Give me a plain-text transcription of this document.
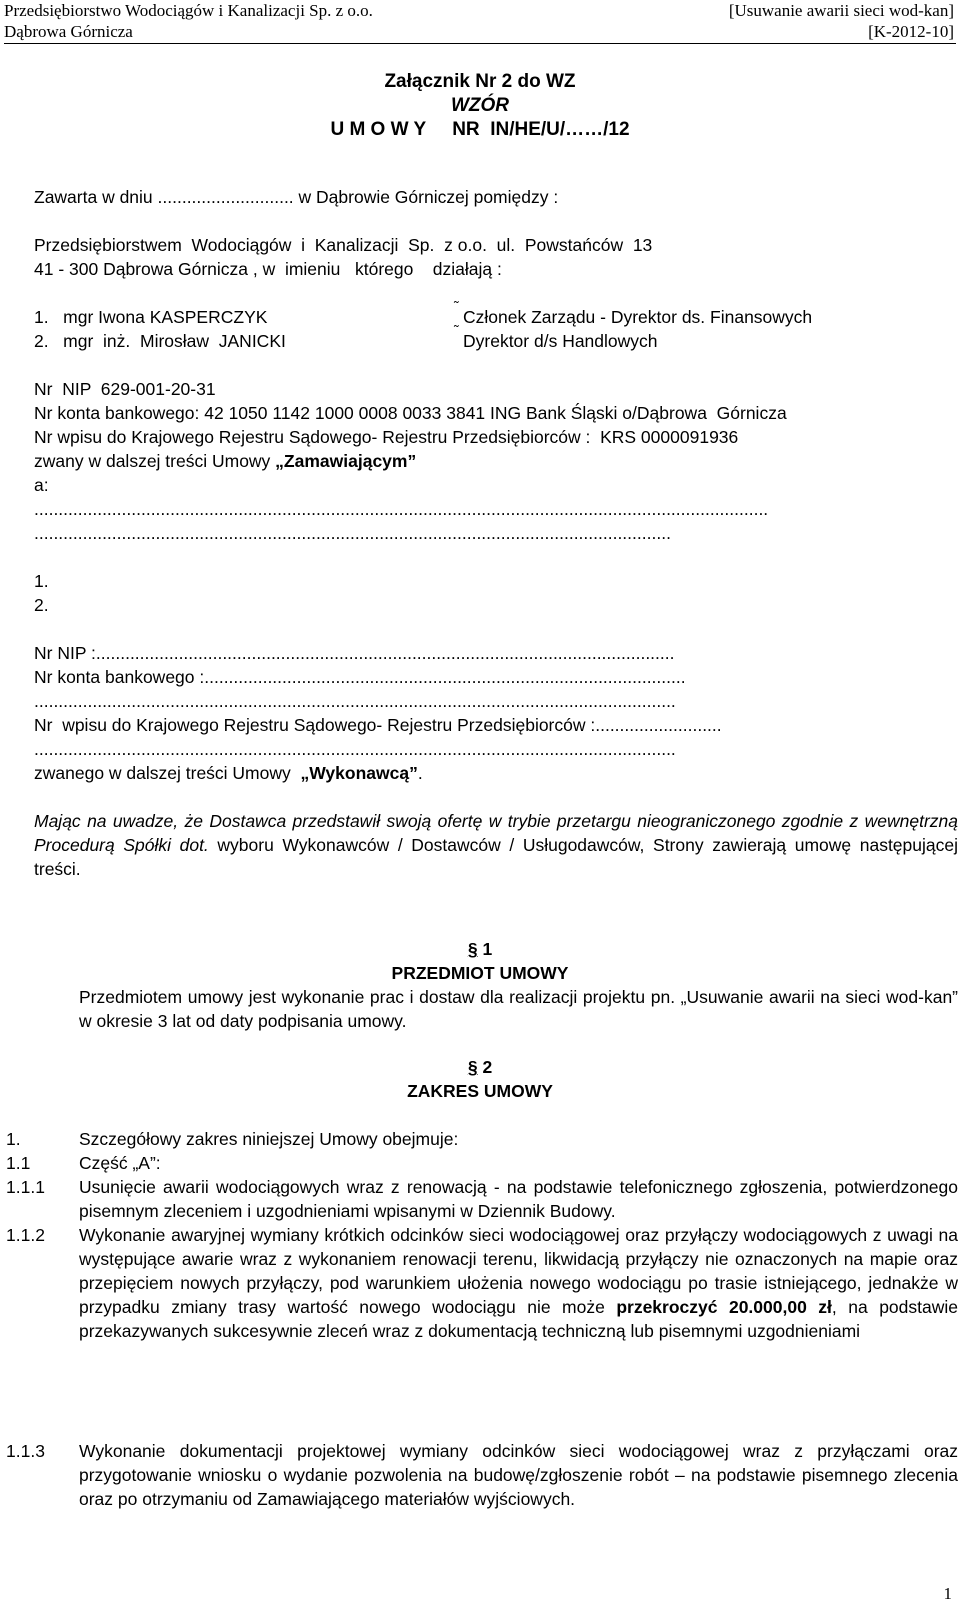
Przedsiębiorstwo Wodociągów i Kanalizacji Sp. z o.o.
Dąbrowa Górnicza
[Usuwanie awarii sieci wod-kan]
[K-2012-10]
Załącznik Nr 2 do WZ
WZÓR
U M O W Y     NR  IN/HE/U/……/12
Zawarta w dniu ............................ w Dąbrowie Górniczej pomiędzy :
Przedsiębiorstwem  Wodociągów  i  Kanalizacji  Sp.  z o.o.  ul.  Powstańców  13
41 - 300 Dąbrowa Górnicza , w  imieniu   którego    działają :
1.   mgr Iwona KASPERCZYK
˜
Członek Zarządu - Dyrektor ds. Finansowych
2.   mgr  inż.  Mirosław  JANICKI
˜
Dyrektor d/s Handlowych
Nr  NIP  629-001-20-31
Nr konta bankowego: 42 1050 1142 1000 0008 0033 3841 ING Bank Śląski o/Dąbrowa  Górnicza
Nr wpisu do Krajowego Rejestru Sądowego- Rejestru Przedsiębiorców :  KRS 0000091936
zwany w dalszej treści Umowy „Zamawiającym”
a:
.......................................................................................................................................................
...................................................................................................................................
1.
2.
Nr NIP :.......................................................................................................................
Nr konta bankowego :...................................................................................................
....................................................................................................................................
Nr  wpisu do Krajowego Rejestru Sądowego- Rejestru Przedsiębiorców :..........................
....................................................................................................................................
zwanego w dalszej treści Umowy  „Wykonawcą”.
Mając na uwadze, że Dostawca przedstawił swoją ofertę w trybie przetargu nieograniczonego zgodnie z wewnętrzną Procedurą Spółki dot. wyboru Wykonawców / Dostawców / Usługodawców, Strony zawierają umowę następującej treści.
§ 1
PRZEDMIOT UMOWY
Przedmiotem umowy jest wykonanie prac i dostaw dla realizacji projektu pn. „Usuwanie awarii na sieci wod-kan” w okresie 3 lat od daty podpisania umowy.
§ 2
ZAKRES UMOWY
1.	Szczegółowy zakres niniejszej Umowy obejmuje:
1.1	Część „A”:
1.1.1 Usunięcie awarii wodociągowych wraz z renowacją - na podstawie telefonicznego zgłoszenia, potwierdzonego pisemnym zleceniem i uzgodnieniami wpisanymi w Dziennik Budowy.
1.1.2 Wykonanie awaryjnej wymiany krótkich odcinków sieci wodociągowej oraz przyłączy wodociągowych z uwagi na występujące awarie wraz z wykonaniem renowacji terenu, likwidacją przyłączy nie oznaczonych na mapie oraz przepięciem nowych przyłączy, pod warunkiem ułożenia nowego wodociągu po trasie istniejącego, jednakże w przypadku zmiany trasy wartość nowego wodociągu nie może przekroczyć 20.000,00 zł, na podstawie przekazywanych sukcesywnie zleceń wraz z dokumentacją techniczną lub pisemnymi uzgodnieniami
1.1.3 Wykonanie dokumentacji projektowej wymiany odcinków sieci wodociągowej wraz z przyłączami oraz przygotowanie wniosku o wydanie pozwolenia na budowę/zgłoszenie robót – na podstawie pisemnego zlecenia oraz po otrzymaniu od Zamawiającego materiałów wyjściowych.
1
